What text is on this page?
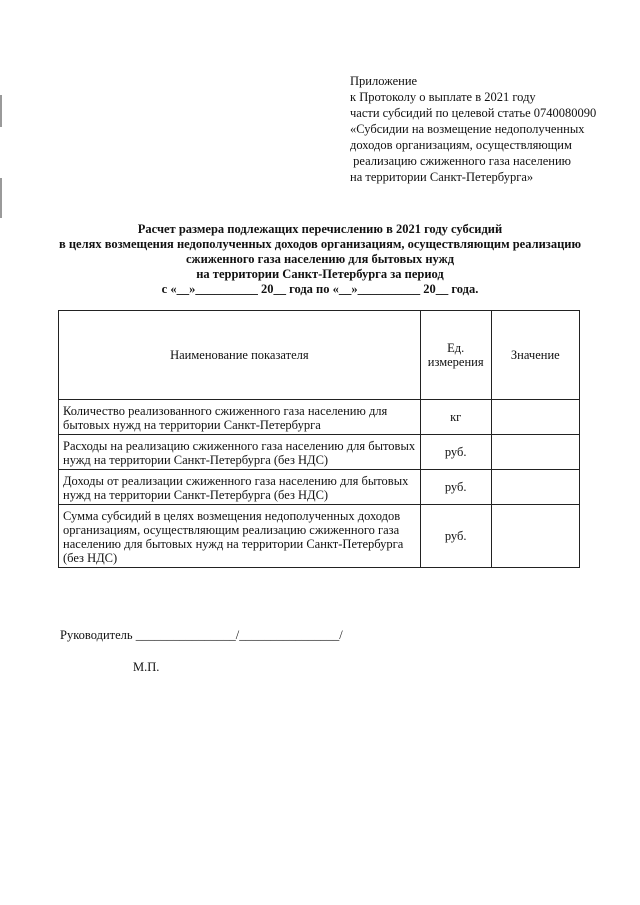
Приложение
к Протоколу о выплате в 2021 году
части субсидий по целевой статье 0740080090
«Субсидии на возмещение недополученных
доходов организациям, осуществляющим
реализацию сжиженного газа населению
на территории Санкт-Петербурга»
Расчет размера подлежащих перечислению в 2021 году субсидий
в целях возмещения недополученных доходов организациям, осуществляющим реализацию
сжиженного газа населению для бытовых нужд
на территории Санкт-Петербурга за период
с «__»__________ 20__ года по «__»__________ 20__ года.
Наименование показателя	Ед. измерения	Значение
Количество реализованного сжиженного газа населению для бытовых нужд на территории Санкт-Петербурга	кг	
Расходы на реализацию сжиженного газа населению для бытовых нужд на территории Санкт-Петербурга (без НДС)	руб.	
Доходы от реализации сжиженного газа населению для бытовых нужд на территории Санкт-Петербурга (без НДС)	руб.	
Сумма субсидий в целях возмещения недополученных доходов организациям, осуществляющим реализацию сжиженного газа населению для бытовых нужд на территории Санкт-Петербурга (без НДС)	руб.	
Руководитель ________________/________________/
М.П.
